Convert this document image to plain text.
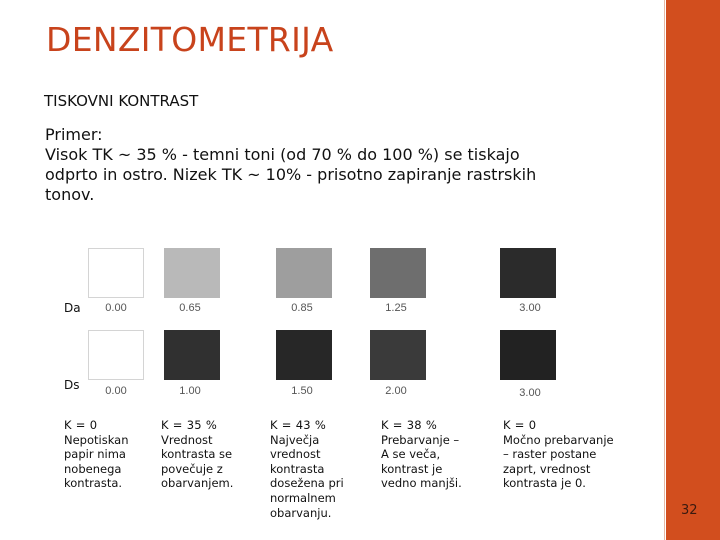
DENZITOMETRIJA
TISKOVNI KONTRAST
Primer:
Visok TK ~ 35 % - temni toni (od 70 % do 100 %) se tiskajo
odprto in ostro. Nizek TK ~ 10% - prisotno zapiranje rastrskih
tonov.
Da
Ds
0.00	0.65	0.85	1.25	3.00
0.00	1.00	1.50	2.00	3.00
K = 0
Nepotiskan
papir nima
nobenega
kontrasta.
K = 35 %
Vrednost
kontrasta se
povečuje z
obarvanjem.
K = 43 %
Največja
vrednost
kontrasta
dosežena pri
normalnem
obarvanju.
K = 38 %
Prebarvanje –
A se veča,
kontrast je
vedno manjši.
K = 0
Močno prebarvanje
– raster postane
zaprt, vrednost
kontrasta je 0.
32
